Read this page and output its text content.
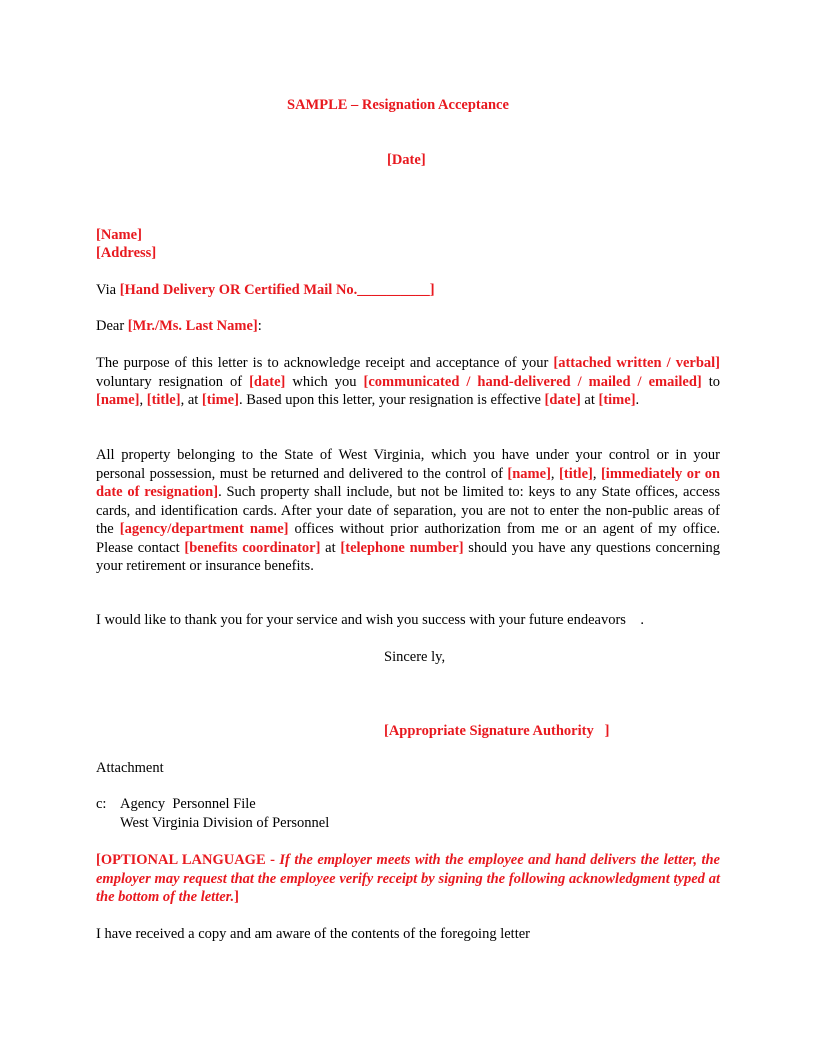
SAMPLE – Resignation Acceptance
[Date]
[Name]
[Address]
Via [Hand Delivery OR Certified Mail No.__________]
Dear [Mr./Ms. Last Name]:
The purpose of this letter is to acknowledge receipt and acceptance of your [attached written / verbal] voluntary resignation of [date] which you [communicated / hand-delivered / mailed / emailed] to [name], [title], at [time]. Based upon this letter, your resignation is effective [date] at [time].
All property belonging to the State of West Virginia, which you have under your control or in your personal possession, must be returned and delivered to the control of [name], [title], [immediately or on date of resignation]. Such property shall include, but not be limited to: keys to any State offices, access cards, and identification cards. After your date of separation, you are not to enter the non-public areas of the [agency/department name] offices without prior authorization from me or an agent of my office. Please contact [benefits coordinator] at [telephone number] should you have any questions concerning your retirement or insurance benefits.
I would like to thank you for your service and wish you success with your future endeavors    .
Sincere ly,
[Appropriate Signature Authority   ]
Attachment
c: Agency  Personnel File
West Virginia Division of Personnel
[OPTIONAL LANGUAGE - If the employer meets with the employee and hand delivers the letter, the employer may request that the employee verify receipt by signing the following acknowledgment typed at the bottom of the letter.]
I have received a copy and am aware of the contents of the foregoing letter
